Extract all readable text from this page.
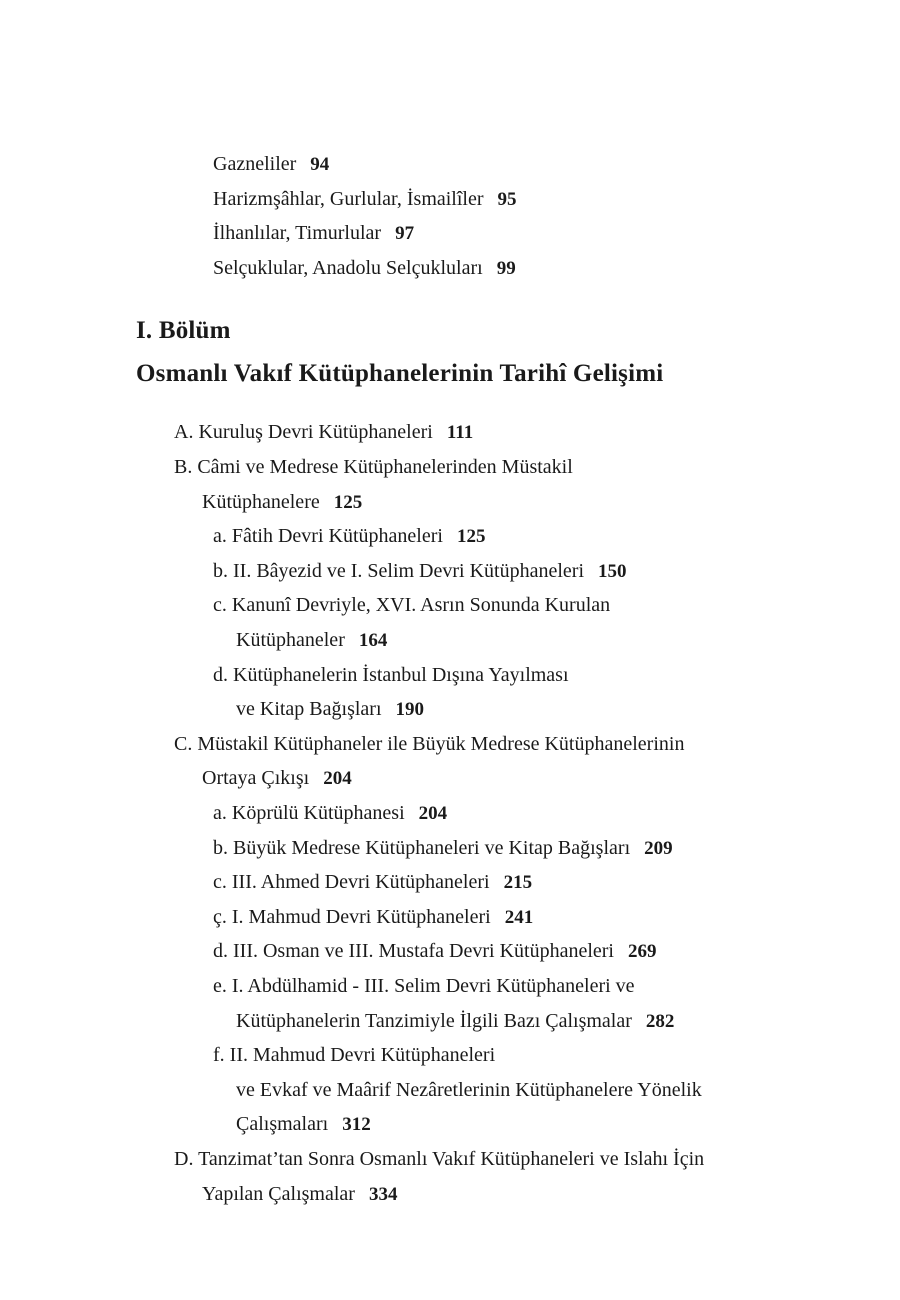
Gazneliler 94
Harizmşâhlar, Gurlular, İsmailîler 95
İlhanlılar, Timurlular 97
Selçuklular, Anadolu Selçukluları 99
I. Bölüm
Osmanlı Vakıf Kütüphanelerinin Tarihî Gelişimi
A. Kuruluş Devri Kütüphaneleri 111
B. Câmi ve Medrese Kütüphanelerinden Müstakil
Kütüphanelere 125
a. Fâtih Devri Kütüphaneleri 125
b. II. Bâyezid ve I. Selim Devri Kütüphaneleri 150
c. Kanunî Devriyle, XVI. Asrın Sonunda Kurulan
Kütüphaneler 164
d. Kütüphanelerin İstanbul Dışına Yayılması
ve Kitap Bağışları 190
C. Müstakil Kütüphaneler ile Büyük Medrese Kütüphanelerinin
Ortaya Çıkışı 204
a. Köprülü Kütüphanesi 204
b. Büyük Medrese Kütüphaneleri ve Kitap Bağışları 209
c. III. Ahmed Devri Kütüphaneleri 215
ç. I. Mahmud Devri Kütüphaneleri 241
d. III. Osman ve III. Mustafa Devri Kütüphaneleri 269
e. I. Abdülhamid - III. Selim Devri Kütüphaneleri ve
Kütüphanelerin Tanzimiyle İlgili Bazı Çalışmalar 282
f. II. Mahmud Devri Kütüphaneleri
ve Evkaf ve Maârif Nezâretlerinin Kütüphanelere Yönelik
Çalışmaları 312
D. Tanzimat’tan Sonra Osmanlı Vakıf Kütüphaneleri ve Islahı İçin
Yapılan Çalışmalar 334
